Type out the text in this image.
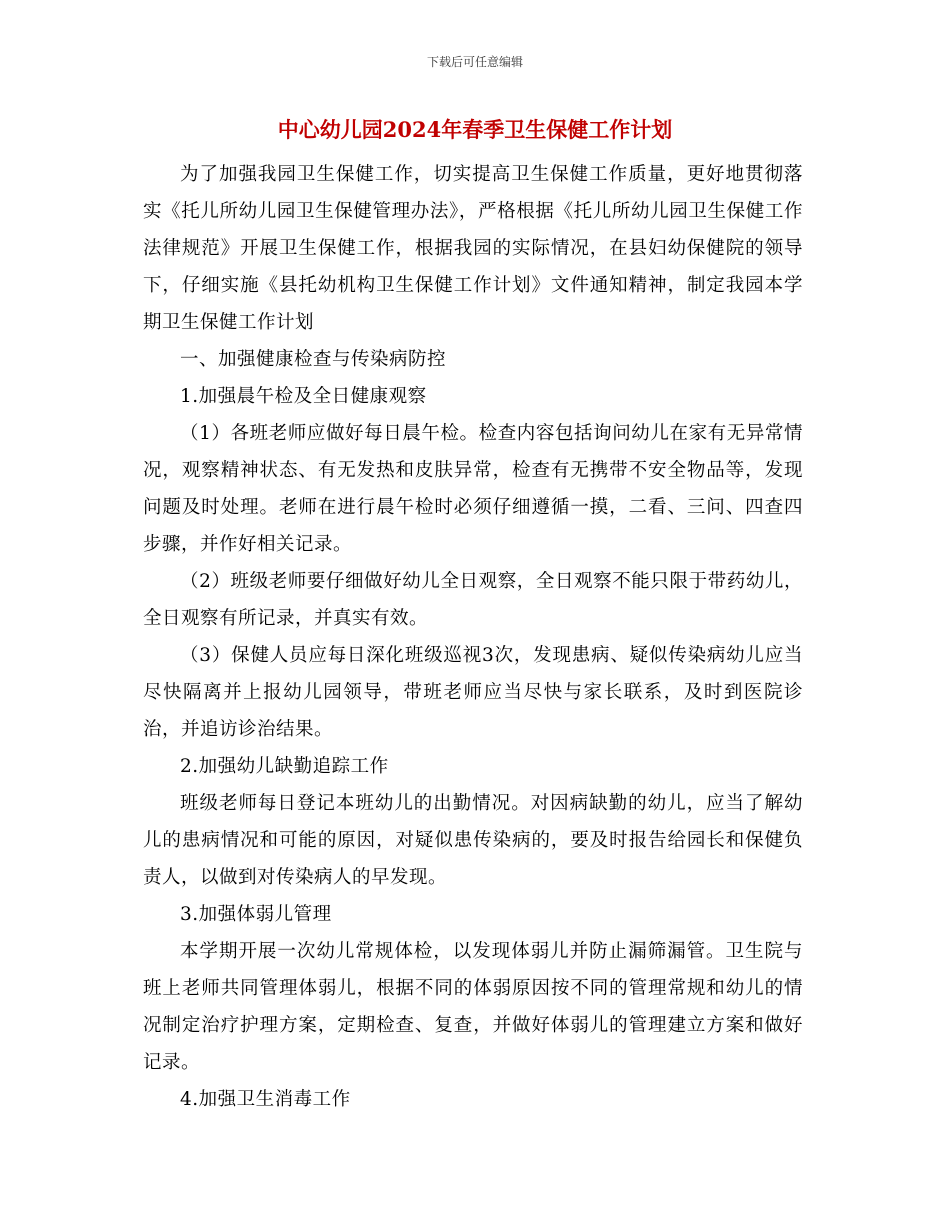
下载后可任意编辑
中心幼儿园2024年春季卫生保健工作计划

为了加强我园卫生保健工作，切实提高卫生保健工作质量，更好地贯彻落实《托儿所幼儿园卫生保健管理办法》，严格根据《托儿所幼儿园卫生保健工作法律规范》开展卫生保健工作，根据我园的实际情况，在县妇幼保健院的领导下，仔细实施《县托幼机构卫生保健工作计划》文件通知精神，制定我园本学期卫生保健工作计划

一、加强健康检查与传染病防控

1.加强晨午检及全日健康观察

（1）各班老师应做好每日晨午检。检查内容包括询问幼儿在家有无异常情况，观察精神状态、有无发热和皮肤异常，检查有无携带不安全物品等，发现问题及时处理。老师在进行晨午检时必须仔细遵循一摸，二看、三问、四查四步骤，并作好相关记录。

（2）班级老师要仔细做好幼儿全日观察，全日观察不能只限于带药幼儿，全日观察有所记录，并真实有效。

（3）保健人员应每日深化班级巡视3次，发现患病、疑似传染病幼儿应当尽快隔离并上报幼儿园领导，带班老师应当尽快与家长联系，及时到医院诊治，并追访诊治结果。

2.加强幼儿缺勤追踪工作

班级老师每日登记本班幼儿的出勤情况。对因病缺勤的幼儿，应当了解幼儿的患病情况和可能的原因，对疑似患传染病的，要及时报告给园长和保健负责人，以做到对传染病人的早发现。

3.加强体弱儿管理

本学期开展一次幼儿常规体检，以发现体弱儿并防止漏筛漏管。卫生院与班上老师共同管理体弱儿，根据不同的体弱原因按不同的管理常规和幼儿的情况制定治疗护理方案，定期检查、复查，并做好体弱儿的管理建立方案和做好记录。

4.加强卫生消毒工作
